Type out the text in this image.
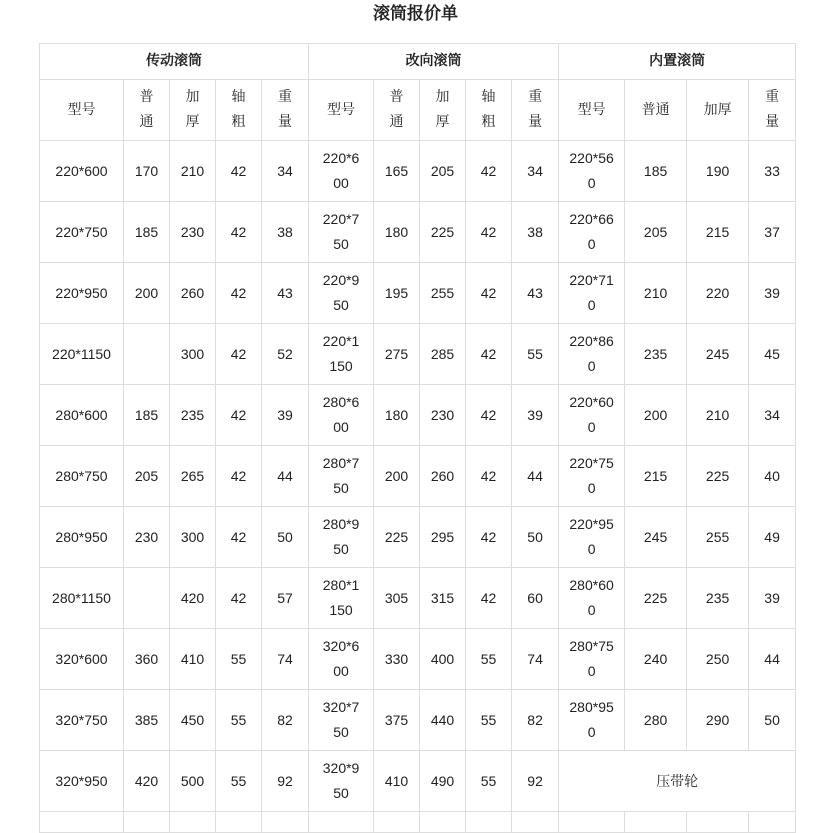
滚筒报价单
传动滚筒					改向滚筒					内置滚筒			
型号	普通	加厚	轴粗	重量	型号	普通	加厚	轴粗	重量	型号	普通	加厚	重量
220*600	170	210	42	34	220*600	165	205	42	34	220*560	185	190	33
220*750	185	230	42	38	220*750	180	225	42	38	220*660	205	215	37
220*950	200	260	42	43	220*950	195	255	42	43	220*710	210	220	39
220*1150		300	42	52	220*1150	275	285	42	55	220*860	235	245	45
280*600	185	235	42	39	280*600	180	230	42	39	220*600	200	210	34
280*750	205	265	42	44	280*750	200	260	42	44	220*750	215	225	40
280*950	230	300	42	50	280*950	225	295	42	50	220*950	245	255	49
280*1150		420	42	57	280*1150	305	315	42	60	280*600	225	235	39
320*600	360	410	55	74	320*600	330	400	55	74	280*750	240	250	44
320*750	385	450	55	82	320*750	375	440	55	82	280*950	280	290	50
320*950	420	500	55	92	320*950	410	490	55	92	压带轮			
